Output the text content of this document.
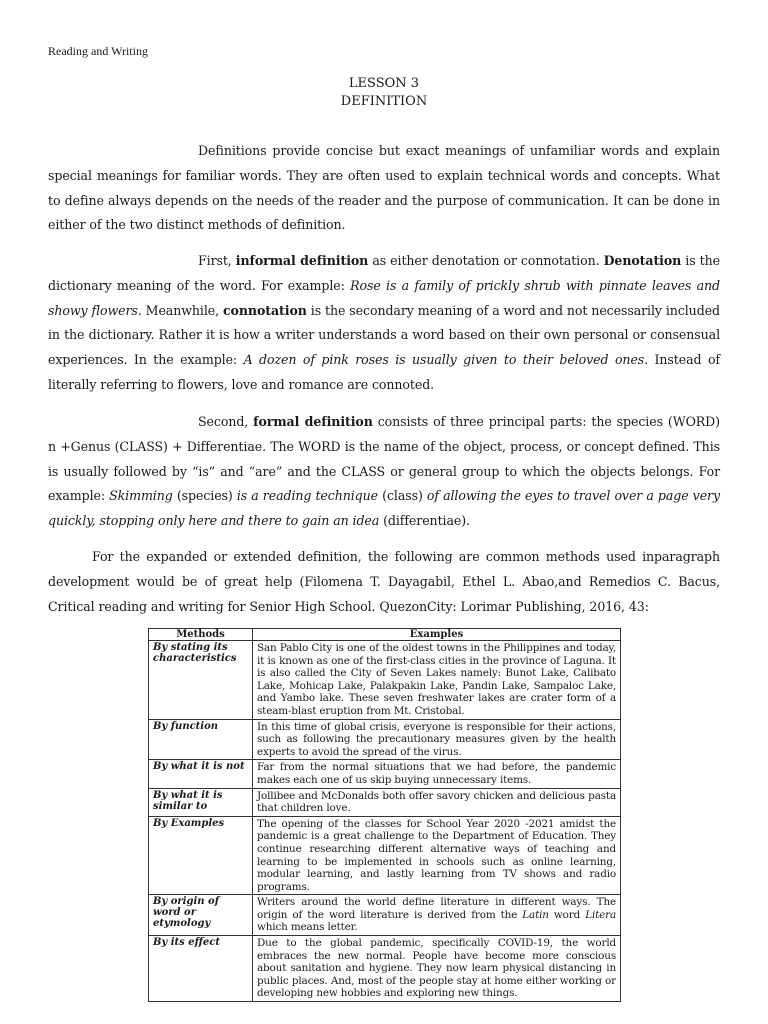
Reading and Writing
LESSON 3
DEFINITION
Definitions provide concise but exact meanings of unfamiliar words and explain special meanings for familiar words. They are often used to explain technical words and concepts. What to define always depends on the needs of the reader and the purpose of communication. It can be done in either of the two distinct methods of definition.
First, informal definition as either denotation or connotation. Denotation is the dictionary meaning of the word. For example: Rose is a family of prickly shrub with pinnate leaves and showy flowers. Meanwhile, connotation is the secondary meaning of a word and not necessarily included in the dictionary. Rather it is how a writer understands a word based on their own personal or consensual experiences. In the example: A dozen of pink roses is usually given to their beloved ones. Instead of literally referring to flowers, love and romance are connoted.
Second, formal definition consists of three principal parts: the species (WORD) n +Genus (CLASS) + Differentiae. The WORD is the name of the object, process, or concept defined. This is usually followed by “is” and “are” and the CLASS or general group to which the objects belongs. For example: Skimming (species) is a reading technique (class) of allowing the eyes to travel over a page very quickly, stopping only here and there to gain an idea (differentiae).
For the expanded or extended definition, the following are common methods used inparagraph development would be of great help (Filomena T. Dayagabil, Ethel L. Abao,and Remedios C. Bacus, Critical reading and writing for Senior High School. QuezonCity: Lorimar Publishing, 2016, 43:
Methods	Examples
By stating its characteristics	San Pablo City is one of the oldest towns in the Philippines and today, it is known as one of the first-class cities in the province of Laguna. It is also called the City of Seven Lakes namely: Bunot Lake, Calibato Lake, Mohicap Lake, Palakpakin Lake, Pandin Lake, Sampaloc Lake, and Yambo lake. These seven freshwater lakes are crater form of a steam-blast eruption from Mt. Cristobal.
By function	In this time of global crisis, everyone is responsible for their actions, such as following the precautionary measures given by the health experts to avoid the spread of the virus.
By what it is not	Far from the normal situations that we had before, the pandemic makes each one of us skip buying unnecessary items.
By what it is similar to	Jollibee and McDonalds both offer savory chicken and delicious pasta that children love.
By Examples	The opening of the classes for School Year 2020 -2021 amidst the pandemic is a great challenge to the Department of Education. They continue researching different alternative ways of teaching and learning to be implemented in schools such as online learning, modular learning, and lastly learning from TV shows and radio programs.
By origin of word or etymology	Writers around the world define literature in different ways. The origin of the word literature is derived from the Latin word Litera which means letter.
By its effect	Due to the global pandemic, specifically COVID-19, the world embraces the new normal. People have become more conscious about sanitation and hygiene. They now learn physical distancing in public places. And, most of the people stay at home either working or developing new hobbies and exploring new things.
